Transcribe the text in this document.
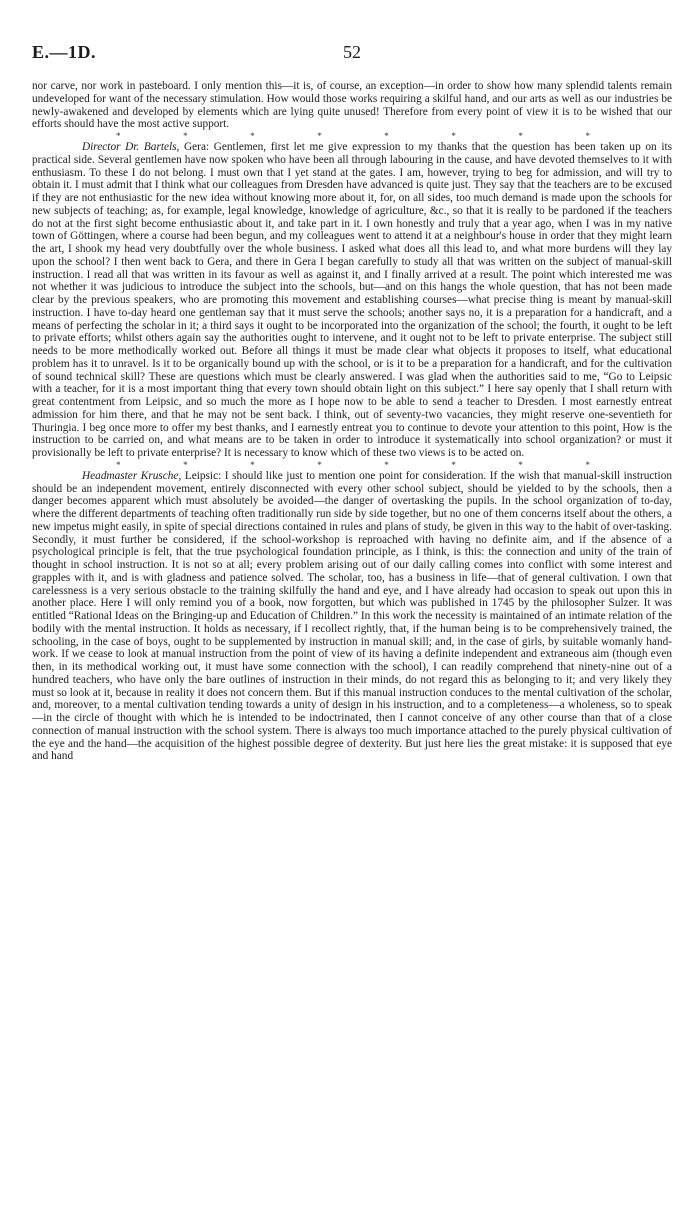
52
E.—1D.

nor carve, nor work in pasteboard. I only mention this—it is, of course, an exception—in order to show how many splendid talents remain undeveloped for want of the necessary stimulation. How would those works requiring a skilful hand, and our arts as well as our industries be newly-awakened and developed by elements which are lying quite unused! Therefore from every point of view it is to be wished that our efforts should have the most active support.

*	*	*	*	*	*	*	*

Director Dr. Bartels, Gera: Gentlemen, first let me give expression to my thanks that the question has been taken up on its practical side. Several gentlemen have now spoken who have been all through labouring in the cause, and have devoted themselves to it with enthusiasm. To these I do not belong. I must own that I yet stand at the gates. I am, however, trying to beg for admission, and will try to obtain it. I must admit that I think what our colleagues from Dresden have advanced is quite just. They say that the teachers are to be excused if they are not enthusiastic for the new idea without knowing more about it, for, on all sides, too much demand is made upon the schools for new subjects of teaching; as, for example, legal knowledge, knowledge of agriculture, &c., so that it is really to be pardoned if the teachers do not at the first sight become enthusiastic about it, and take part in it. I own honestly and truly that a year ago, when I was in my native town of Göttingen, where a course had been begun, and my colleagues went to attend it at a neighbour's house in order that they might learn the art, I shook my head very doubtfully over the whole business. I asked what does all this lead to, and what more burdens will they lay upon the school? I then went back to Gera, and there in Gera I began carefully to study all that was written on the subject of manual-skill instruction. I read all that was written in its favour as well as against it, and I finally arrived at a result. The point which interested me was not whether it was judicious to introduce the subject into the schools, but—and on this hangs the whole question, that has not been made clear by the previous speakers, who are promoting this movement and establishing courses—what precise thing is meant by manual-skill instruction. I have to-day heard one gentleman say that it must serve the schools; another says no, it is a preparation for a handicraft, and a means of perfecting the scholar in it; a third says it ought to be incorporated into the organization of the school; the fourth, it ought to be left to private efforts; whilst others again say the authorities ought to intervene, and it ought not to be left to private enterprise. The subject still needs to be more methodically worked out. Before all things it must be made clear what objects it proposes to itself, what educational problem has it to unravel. Is it to be organically bound up with the school, or is it to be a preparation for a handicraft, and for the cultivation of sound technical skill? These are questions which must be clearly answered. I was glad when the authorities said to me, “Go to Leipsic with a teacher, for it is a most important thing that every town should obtain light on this subject.” I here say openly that I shall return with great contentment from Leipsic, and so much the more as I hope now to be able to send a teacher to Dresden. I most earnestly entreat admission for him there, and that he may not be sent back. I think, out of seventy-two vacancies, they might reserve one-seventieth for Thuringia. I beg once more to offer my best thanks, and I earnestly entreat you to continue to devote your attention to this point, How is the instruction to be carried on, and what means are to be taken in order to introduce it systematically into school organization? or must it provisionally be left to private enterprise? It is necessary to know which of these two views is to be acted on.

*	*	*	*	*	*	*	*

Headmaster Krusche, Leipsic: I should like just to mention one point for consideration. If the wish that manual-skill instruction should be an independent movement, entirely disconnected with every other school subject, should be yielded to by the schools, then a danger becomes apparent which must absolutely be avoided—the danger of overtasking the pupils. In the school organization of to-day, where the different departments of teaching often traditionally run side by side together, but no one of them concerns itself about the others, a new impetus might easily, in spite of special directions contained in rules and plans of study, be given in this way to the habit of over-tasking. Secondly, it must further be considered, if the school-workshop is reproached with having no definite aim, and if the absence of a psychological principle is felt, that the true psychological foundation principle, as I think, is this: the connection and unity of the train of thought in school instruction. It is not so at all; every problem arising out of our daily calling comes into conflict with some interest and grapples with it, and is with gladness and patience solved. The scholar, too, has a business in life—that of general cultivation. I own that carelessness is a very serious obstacle to the training skilfully the hand and eye, and I have already had occasion to speak out upon this in another place. Here I will only remind you of a book, now forgotten, but which was published in 1745 by the philosopher Sulzer. It was entitled “Rational Ideas on the Bringing-up and Education of Children.” In this work the necessity is maintained of an intimate relation of the bodily with the mental instruction. It holds as necessary, if I recollect rightly, that, if the human being is to be comprehensively trained, the schooling, in the case of boys, ought to be supplemented by instruction in manual skill; and, in the case of girls, by suitable womanly hand-work. If we cease to look at manual instruction from the point of view of its having a definite independent and extraneous aim (though even then, in its methodical working out, it must have some connection with the school), I can readily comprehend that ninety-nine out of a hundred teachers, who have only the bare outlines of instruction in their minds, do not regard this as belonging to it; and very likely they must so look at it, because in reality it does not concern them. But if this manual instruction conduces to the mental cultivation of the scholar, and, moreover, to a mental cultivation tending towards a unity of design in his instruction, and to a completeness—a wholeness, so to speak—in the circle of thought with which he is intended to be indoctrinated, then I cannot conceive of any other course than that of a close connection of manual instruction with the school system. There is always too much importance attached to the purely physical cultivation of the eye and the hand—the acquisition of the highest possible degree of dexterity. But just here lies the great mistake: it is supposed that eye and hand
